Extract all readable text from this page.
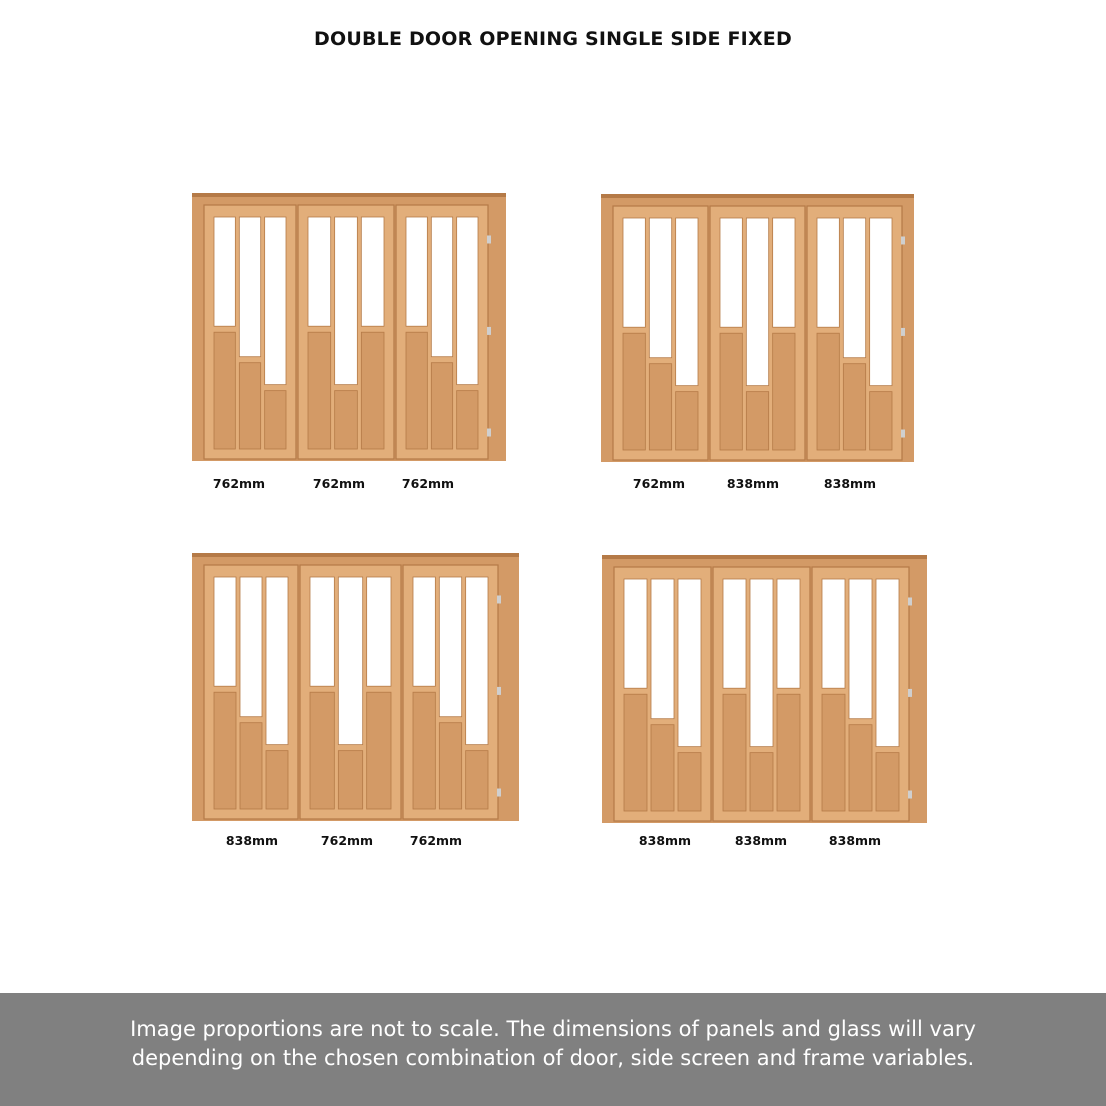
DOUBLE DOOR OPENING SINGLE SIDE FIXED
762mm	762mm	762mm	762mm	838mm	838mm
838mm	762mm	762mm	838mm	838mm	838mm
Image proportions are not to scale. The dimensions of panels and glass will vary
depending on the chosen combination of door, side screen and frame variables.
